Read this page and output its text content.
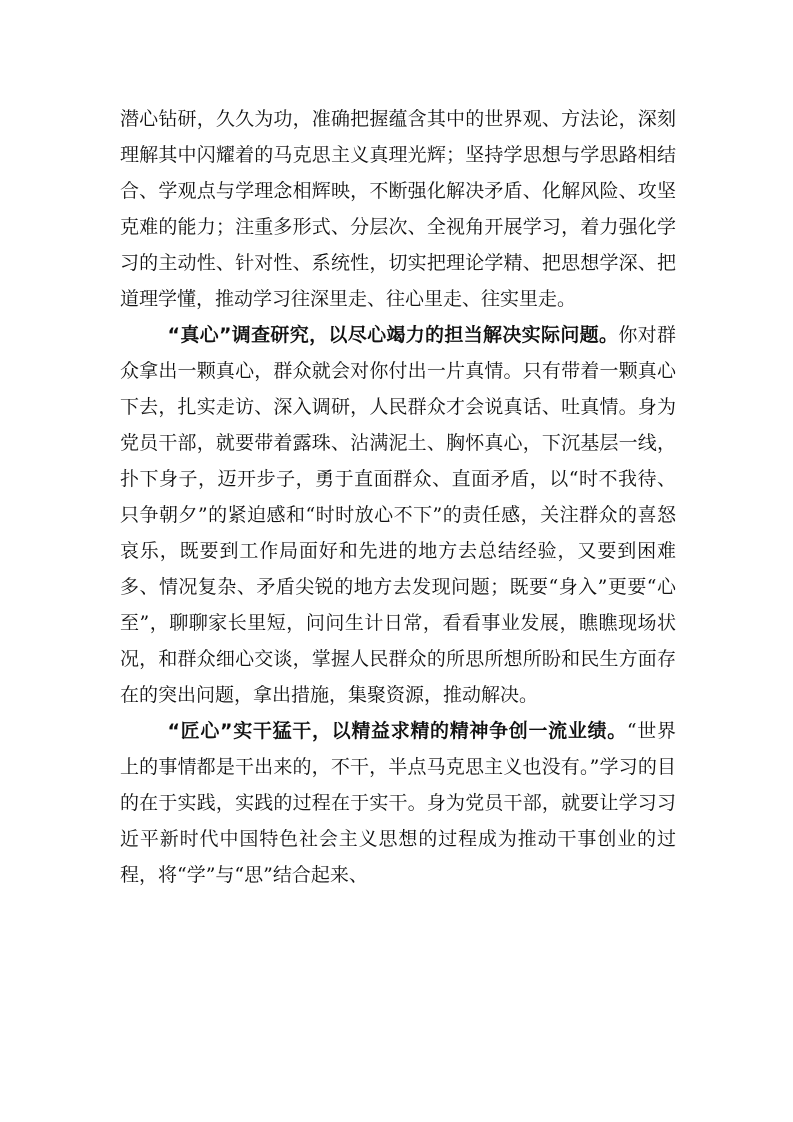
潜心钻研，久久为功，准确把握蕴含其中的世界观、方法论，深刻理解其中闪耀着的马克思主义真理光辉；坚持学思想与学思路相结合、学观点与学理念相辉映，不断强化解决矛盾、化解风险、攻坚克难的能力；注重多形式、分层次、全视角开展学习，着力强化学习的主动性、针对性、系统性，切实把理论学精、把思想学深、把道理学懂，推动学习往深里走、往心里走、往实里走。

“真心”调查研究，以尽心竭力的担当解决实际问题。你对群众拿出一颗真心，群众就会对你付出一片真情。只有带着一颗真心下去，扎实走访、深入调研，人民群众才会说真话、吐真情。身为党员干部，就要带着露珠、沾满泥土、胸怀真心，下沉基层一线，扑下身子，迈开步子，勇于直面群众、直面矛盾，以“时不我待、只争朝夕”的紧迫感和“时时放心不下”的责任感，关注群众的喜怒哀乐，既要到工作局面好和先进的地方去总结经验，又要到困难多、情况复杂、矛盾尖锐的地方去发现问题；既要“身入”更要“心至”，聊聊家长里短，问问生计日常，看看事业发展，瞧瞧现场状况，和群众细心交谈，掌握人民群众的所思所想所盼和民生方面存在的突出问题，拿出措施，集聚资源，推动解决。

“匠心”实干猛干，以精益求精的精神争创一流业绩。“世界上的事情都是干出来的，不干，半点马克思主义也没有。”学习的目的在于实践，实践的过程在于实干。身为党员干部，就要让学习习近平新时代中国特色社会主义思想的过程成为推动干事创业的过程，将“学”与“思”结合起来、
